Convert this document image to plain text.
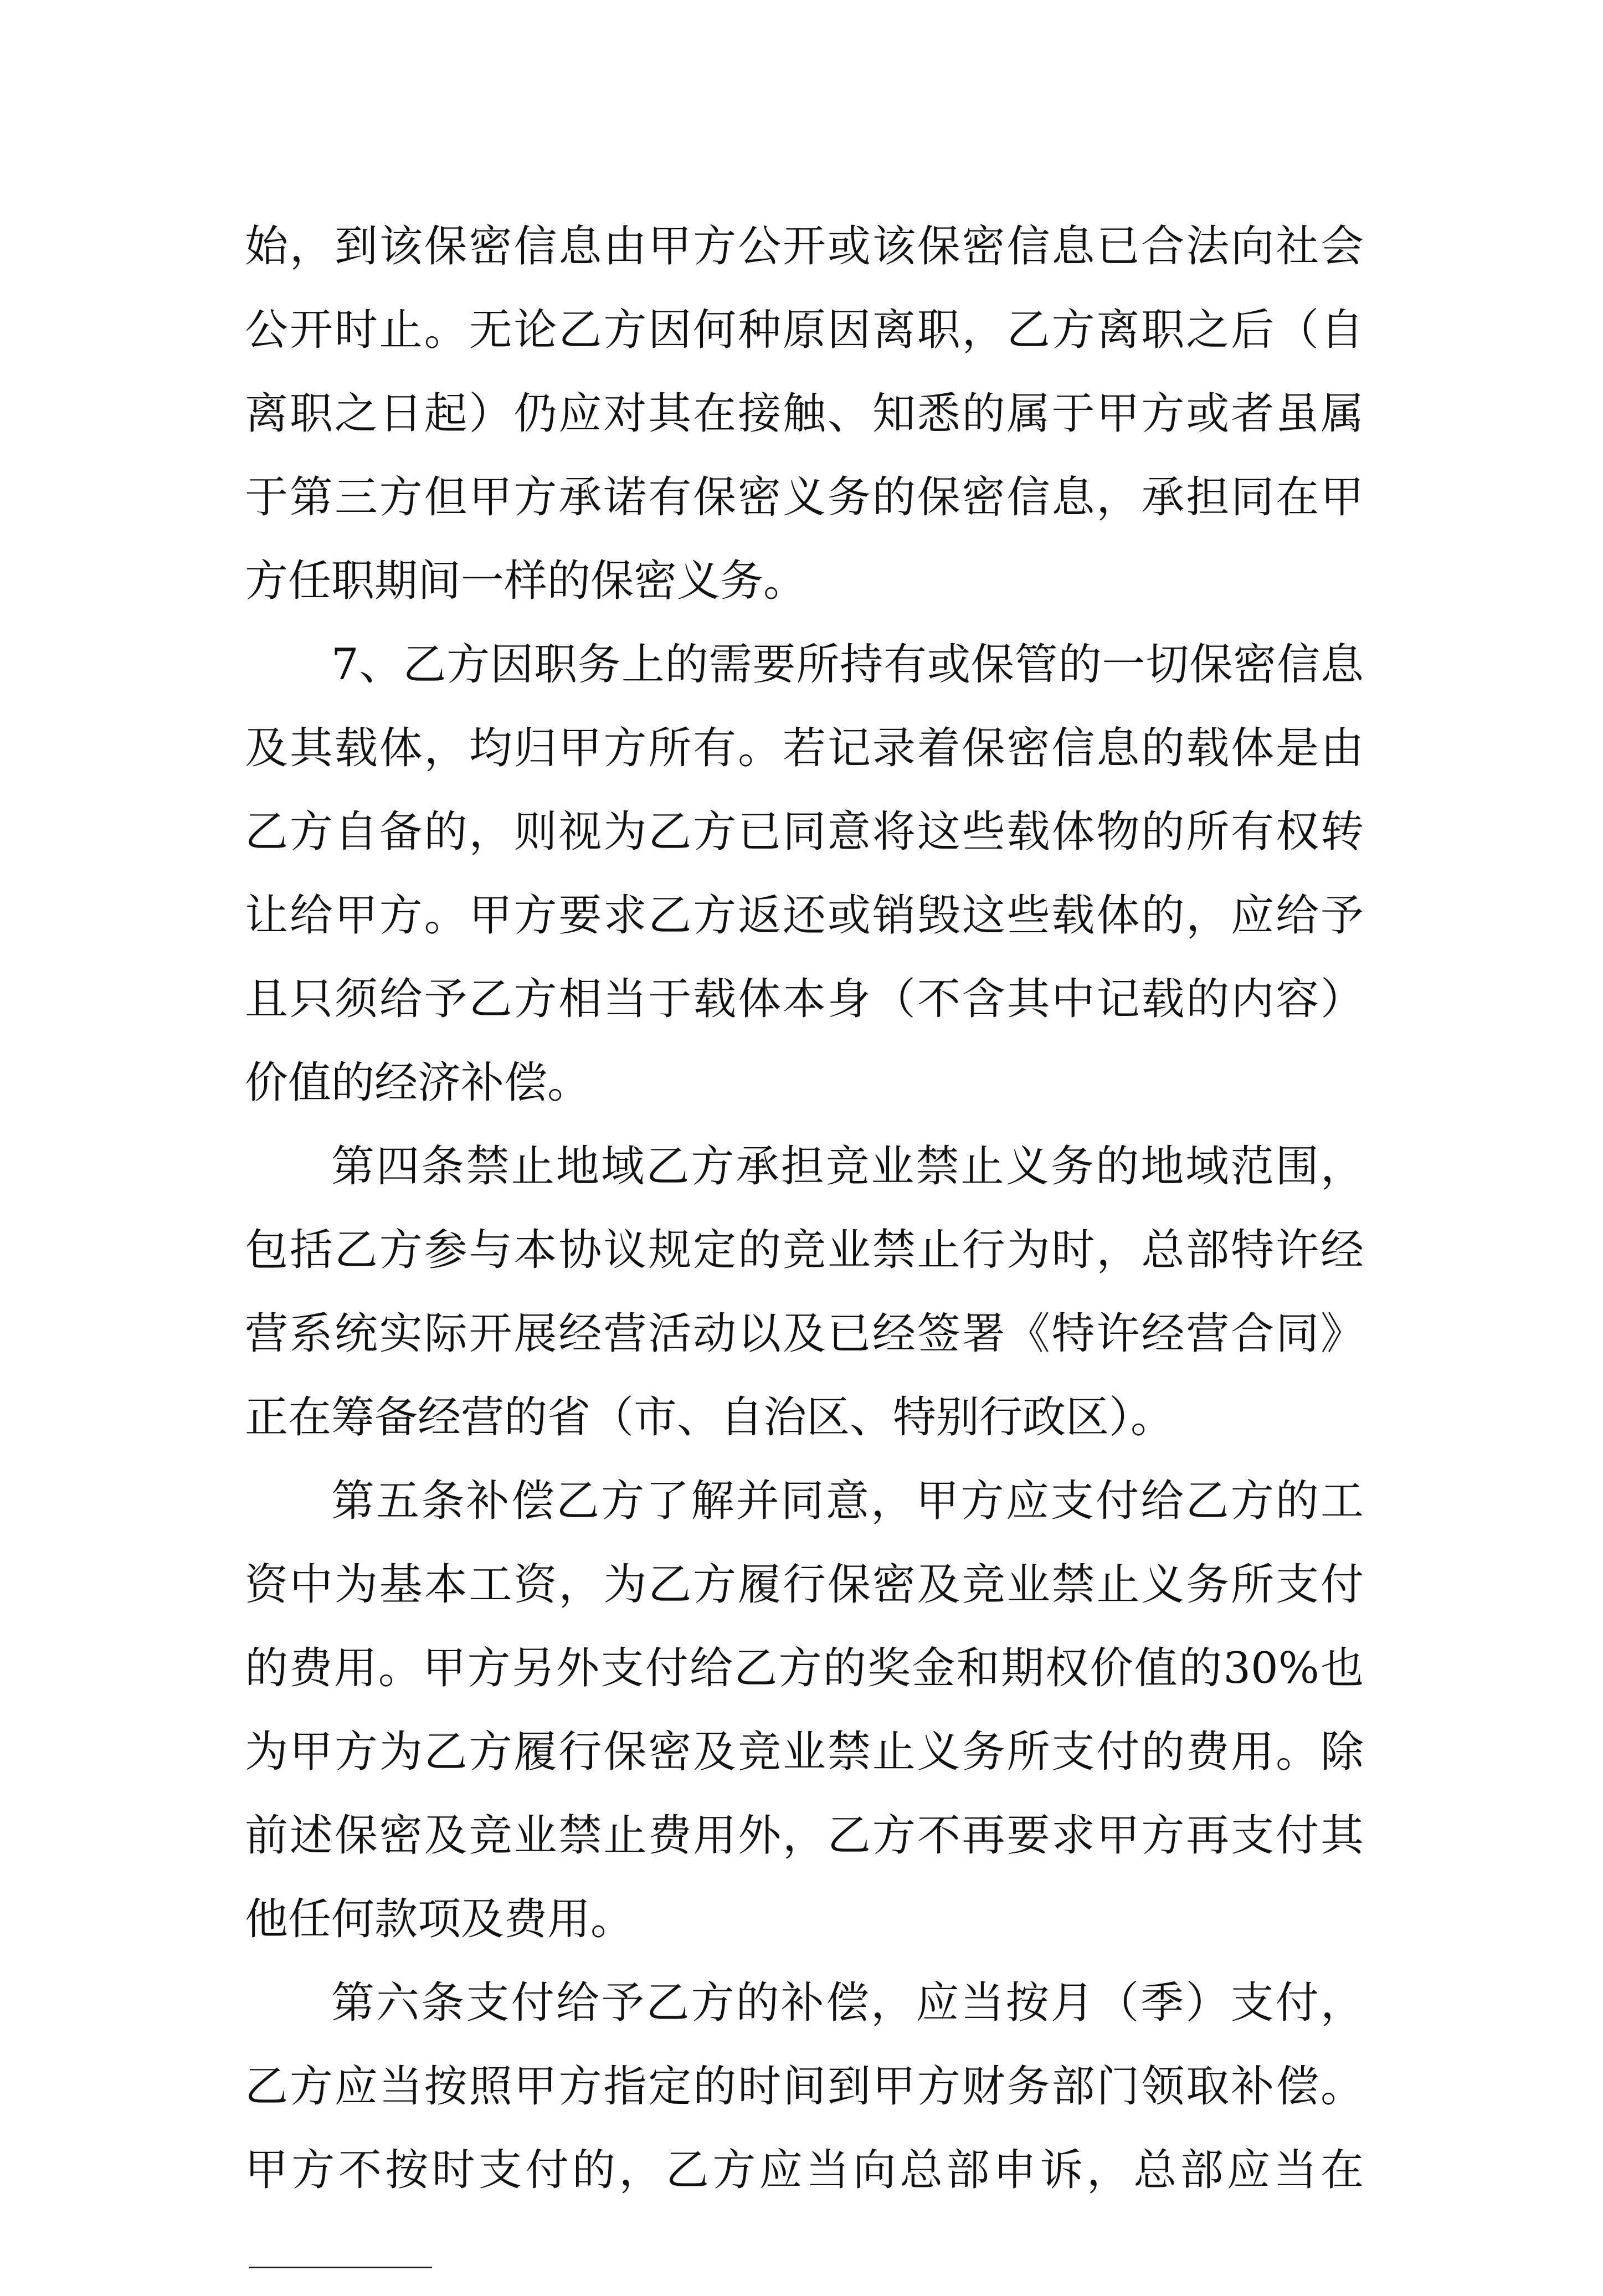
始，到该保密信息由甲方公开或该保密信息已合法向社会公开时止。无论乙方因何种原因离职，乙方离职之后（自离职之日起）仍应对其在接触、知悉的属于甲方或者虽属于第三方但甲方承诺有保密义务的保密信息，承担同在甲方任职期间一样的保密义务。

7、乙方因职务上的需要所持有或保管的一切保密信息及其载体，均归甲方所有。若记录着保密信息的载体是由乙方自备的，则视为乙方已同意将这些载体物的所有权转让给甲方。甲方要求乙方返还或销毁这些载体的，应给予且只须给予乙方相当于载体本身（不含其中记载的内容）价值的经济补偿。

第四条禁止地域乙方承担竞业禁止义务的地域范围，包括乙方参与本协议规定的竞业禁止行为时，总部特许经营系统实际开展经营活动以及已经签署《特许经营合同》正在筹备经营的省（市、自治区、特别行政区）。

第五条补偿乙方了解并同意，甲方应支付给乙方的工资中为基本工资，为乙方履行保密及竞业禁止义务所支付的费用。甲方另外支付给乙方的奖金和期权价值的30%也为甲方为乙方履行保密及竞业禁止义务所支付的费用。除前述保密及竞业禁止费用外，乙方不再要求甲方再支付其他任何款项及费用。

第六条支付给予乙方的补偿，应当按月（季）支付，乙方应当按照甲方指定的时间到甲方财务部门领取补偿。甲方不按时支付的，乙方应当向总部申诉，总部应当在
